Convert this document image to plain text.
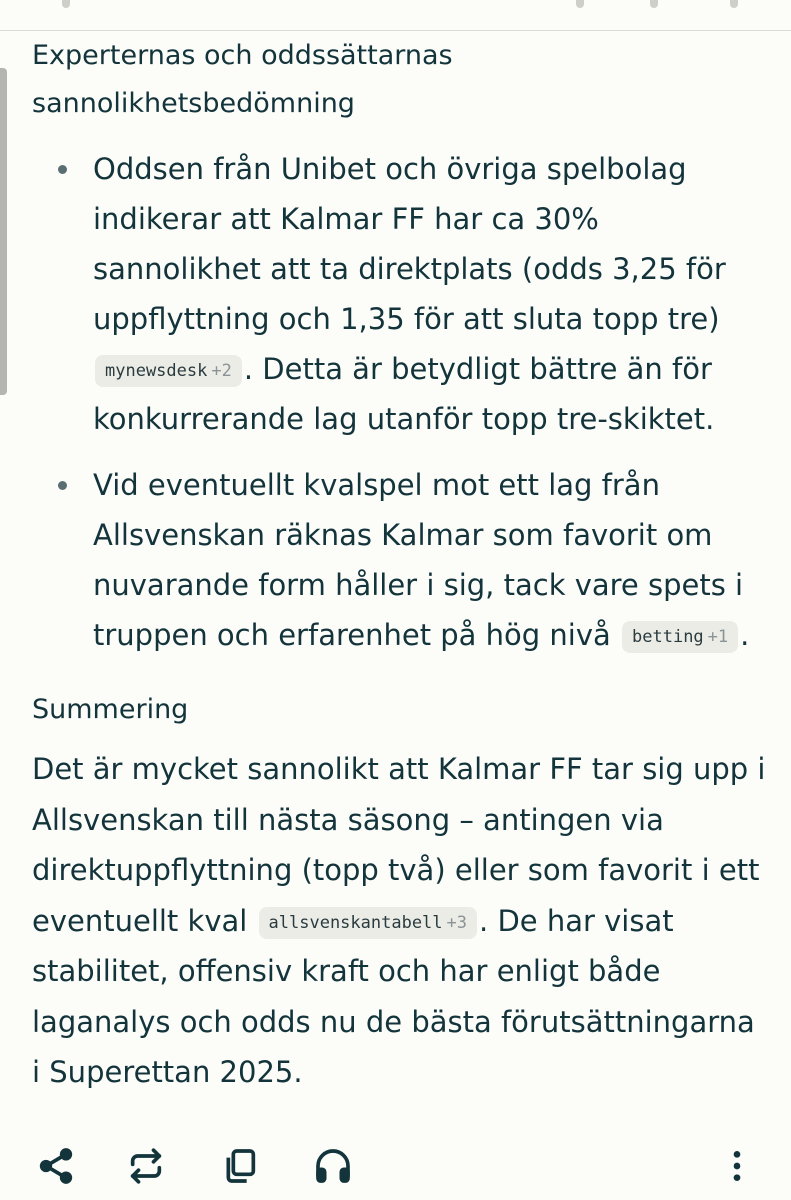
Experternas och oddssättarnas sannolikhetsbedömning
Oddsen från Unibet och övriga spelbolag indikerar att Kalmar FF har ca 30% sannolikhet att ta direktplats (odds 3,25 för uppflyttning och 1,35 för att sluta topp tre) mynewsdesk +2 . Detta är betydligt bättre än för konkurrerande lag utanför topp tre-skiktet.
Vid eventuellt kvalspel mot ett lag från Allsvenskan räknas Kalmar som favorit om nuvarande form håller i sig, tack vare spets i truppen och erfarenhet på hög nivå betting +1 .
Summering

Det är mycket sannolikt att Kalmar FF tar sig upp i Allsvenskan till nästa säsong – antingen via direktuppflyttning (topp två) eller som favorit i ett eventuellt kval allsvenskantabell +3 . De har visat stabilitet, offensiv kraft och har enligt både laganalys och odds nu de bästa förutsättningarna i Superettan 2025.
